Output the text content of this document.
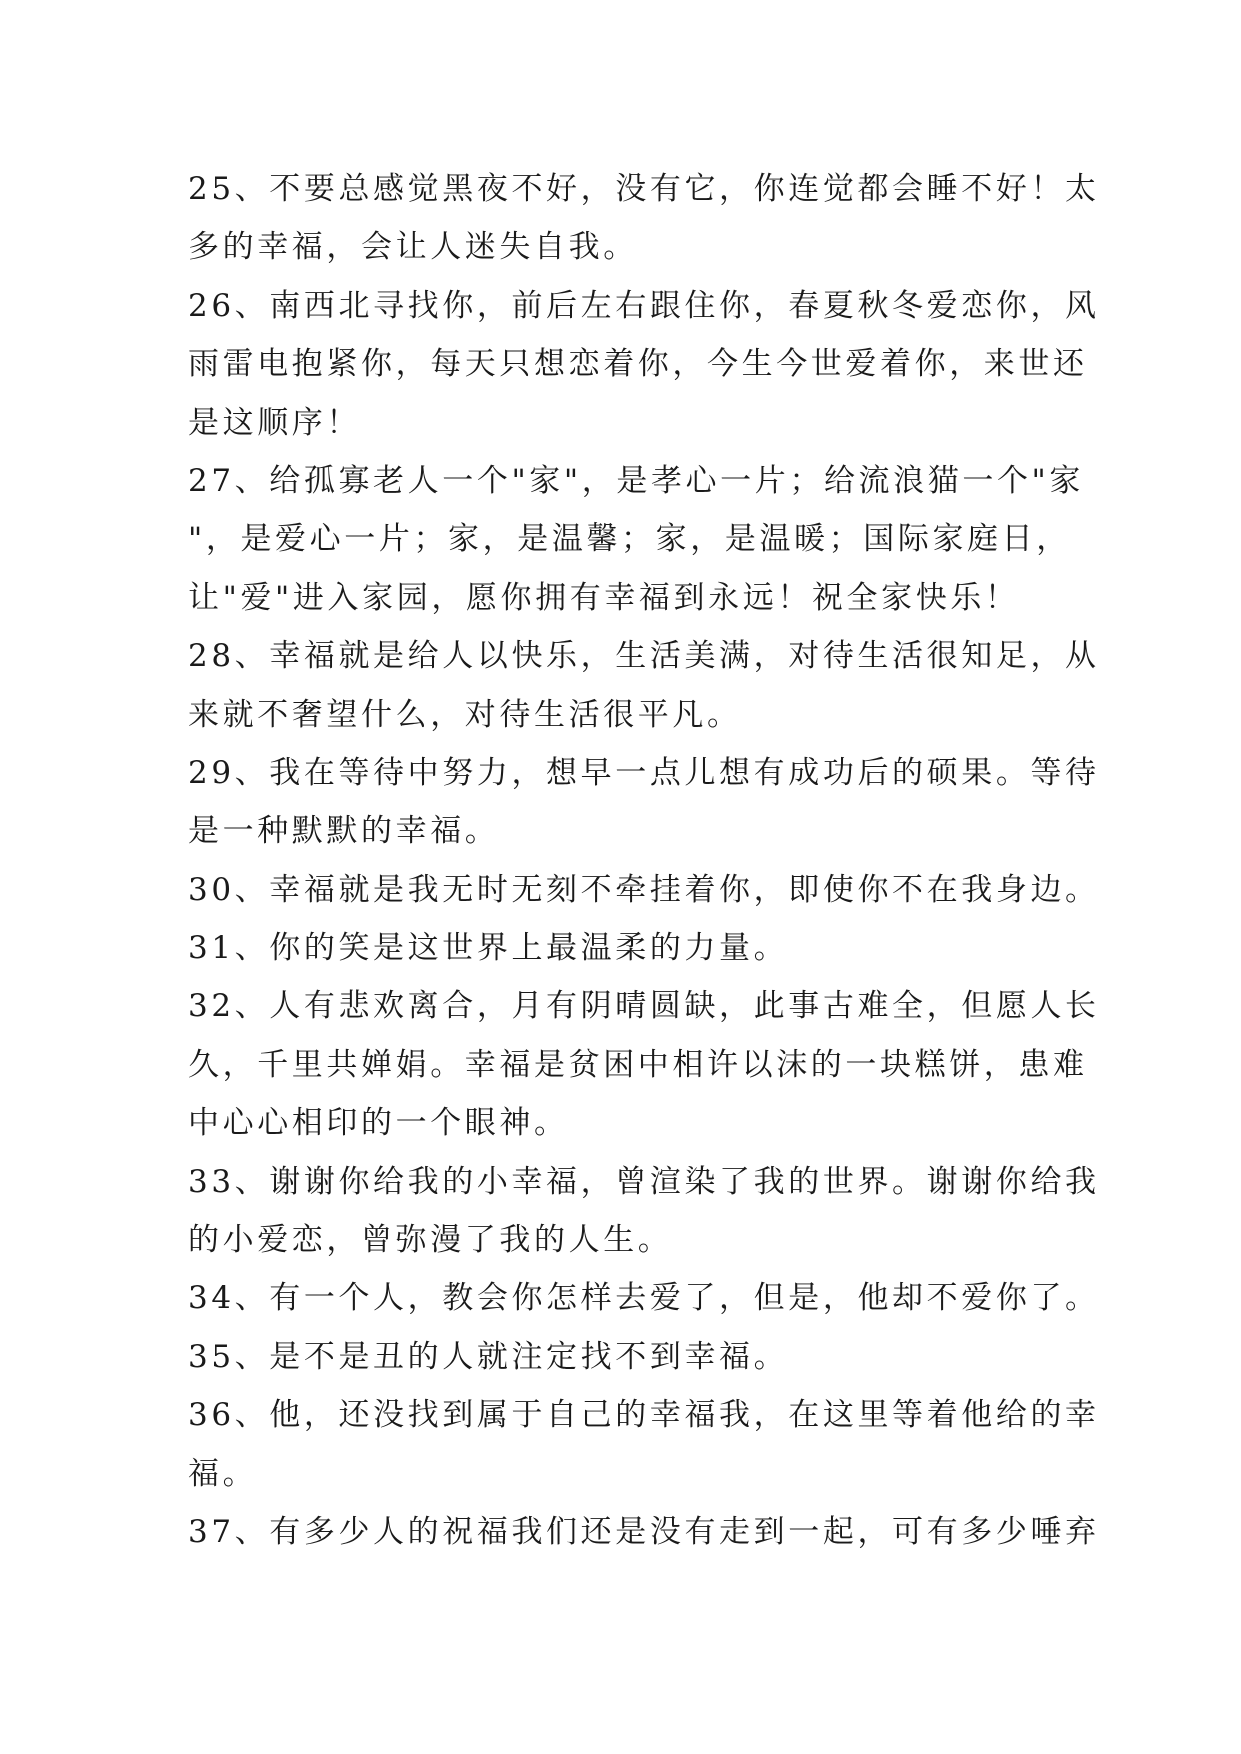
25、不要总感觉黑夜不好，没有它，你连觉都会睡不好！太
多的幸福，会让人迷失自我。
26、南西北寻找你，前后左右跟住你，春夏秋冬爱恋你，风
雨雷电抱紧你，每天只想恋着你，今生今世爱着你，来世还
是这顺序！
27、给孤寡老人一个"家"，是孝心一片；给流浪猫一个"家
"，是爱心一片；家，是温馨；家，是温暖；国际家庭日，
让"爱"进入家园，愿你拥有幸福到永远！祝全家快乐！
28、幸福就是给人以快乐，生活美满，对待生活很知足，从
来就不奢望什么，对待生活很平凡。
29、我在等待中努力，想早一点儿想有成功后的硕果。等待
是一种默默的幸福。
30、幸福就是我无时无刻不牵挂着你，即使你不在我身边。
31、你的笑是这世界上最温柔的力量。
32、人有悲欢离合，月有阴晴圆缺，此事古难全，但愿人长
久，千里共婵娟。幸福是贫困中相许以沫的一块糕饼，患难
中心心相印的一个眼神。
33、谢谢你给我的小幸福，曾渲染了我的世界。谢谢你给我
的小爱恋，曾弥漫了我的人生。
34、有一个人，教会你怎样去爱了，但是，他却不爱你了。
35、是不是丑的人就注定找不到幸福。
36、他，还没找到属于自己的幸福我，在这里等着他给的幸
福。
37、有多少人的祝福我们还是没有走到一起，可有多少唾弃
